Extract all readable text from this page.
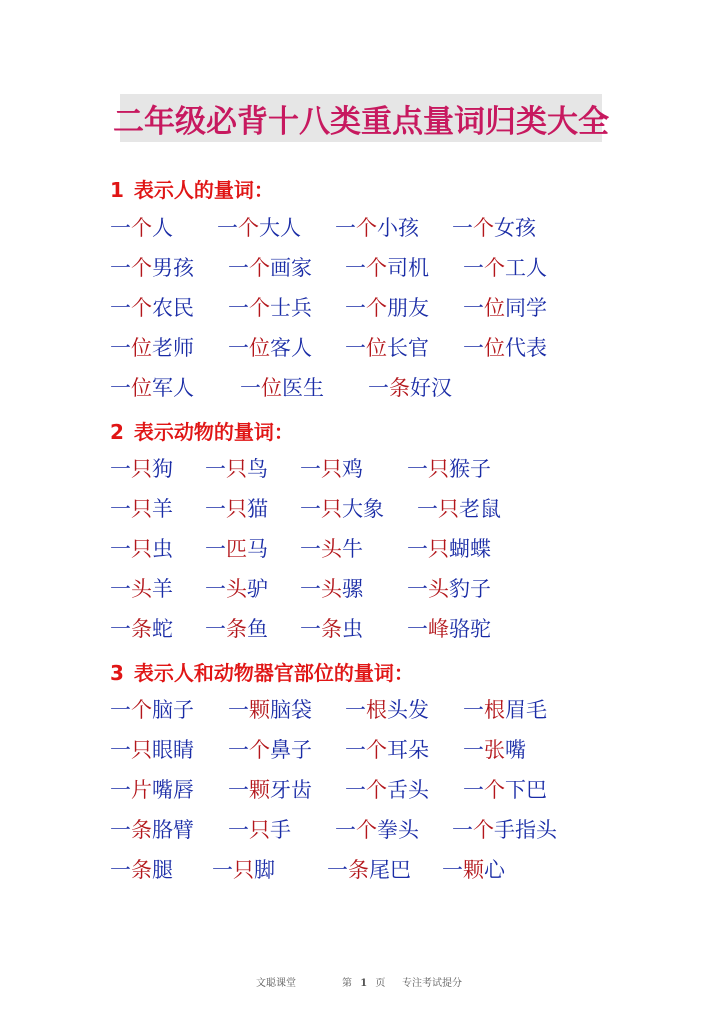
二年级必背十八类重点量词归类大全
1 表示人的量词：
一个人 一个大人 一个小孩 一个女孩
一个男孩 一个画家 一个司机 一个工人
一个农民 一个士兵 一个朋友 一位同学
一位老师 一位客人 一位长官 一位代表
一位军人 一位医生 一条好汉
一只狗 一只鸟 一只鸡 一只猴子
一只羊 一只猫 一只大象 一只老鼠
一只虫 一匹马 一头牛 一只蝴蝶
一头羊 一头驴 一头骡 一头豹子
一条蛇 一条鱼 一条虫 一峰骆驼
一个脑子 一颗脑袋 一根头发 一根眉毛
一只眼睛 一个鼻子 一个耳朵 一张嘴
一片嘴唇 一颗牙齿 一个舌头 一个下巴
一条胳臂 一只手 一个拳头 一个手指头
一条腿 一只脚 一条尾巴 一颗心
2 表示动物的量词：
3 表示人和动物器官部位的量词：
文聪课堂	第 1 页 专注考试提分
